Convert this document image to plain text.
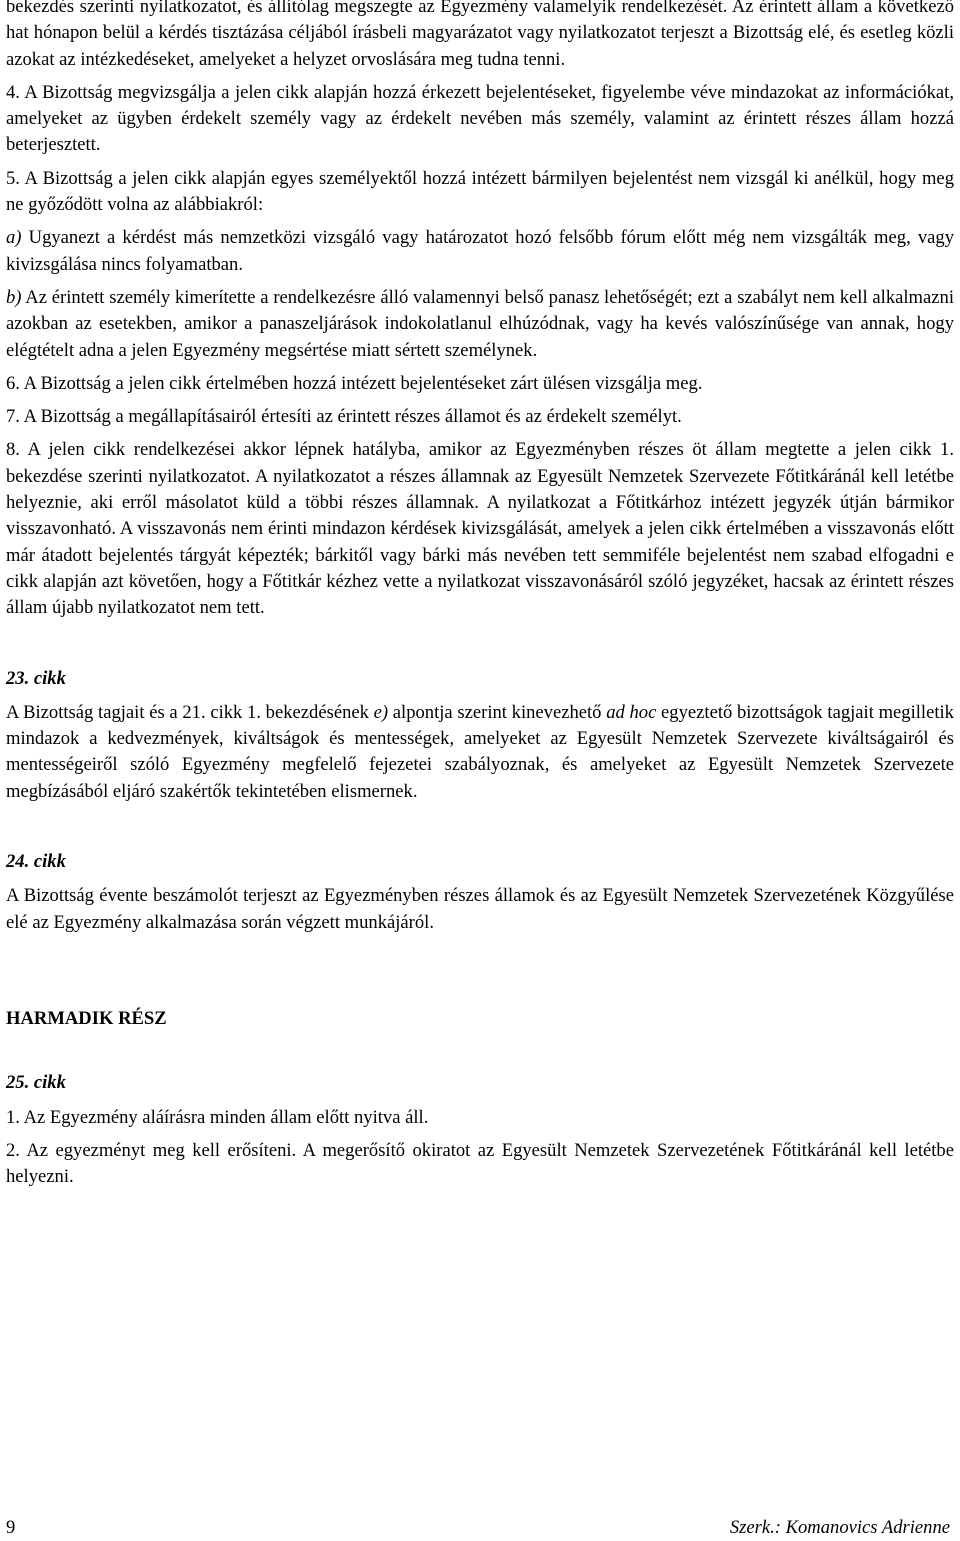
bekezdés szerinti nyilatkozatot, és állítólag megszegte az Egyezmény valamelyik rendelkezését. Az érintett állam a következő hat hónapon belül a kérdés tisztázása céljából írásbeli magyarázatot vagy nyilatkozatot terjeszt a Bizottság elé, és esetleg közli azokat az intézkedéseket, amelyeket a helyzet orvoslására meg tudna tenni.

4. A Bizottság megvizsgálja a jelen cikk alapján hozzá érkezett bejelentéseket, figyelembe véve mindazokat az információkat, amelyeket az ügyben érdekelt személy vagy az érdekelt nevében más személy, valamint az érintett részes állam hozzá beterjesztett.

5. A Bizottság a jelen cikk alapján egyes személyektől hozzá intézett bármilyen bejelentést nem vizsgál ki anélkül, hogy meg ne győződött volna az alábbiakról:

a) Ugyanezt a kérdést más nemzetközi vizsgáló vagy határozatot hozó felsőbb fórum előtt még nem vizsgálták meg, vagy kivizsgálása nincs folyamatban.

b) Az érintett személy kimerítette a rendelkezésre álló valamennyi belső panasz lehetőségét; ezt a szabályt nem kell alkalmazni azokban az esetekben, amikor a panaszeljárások indokolatlanul elhúzódnak, vagy ha kevés valószínűsége van annak, hogy elégtételt adna a jelen Egyezmény megsértése miatt sértett személynek.

6. A Bizottság a jelen cikk értelmében hozzá intézett bejelentéseket zárt ülésen vizsgálja meg.

7. A Bizottság a megállapításairól értesíti az érintett részes államot és az érdekelt személyt.

8. A jelen cikk rendelkezései akkor lépnek hatályba, amikor az Egyezményben részes öt állam megtette a jelen cikk 1. bekezdése szerinti nyilatkozatot. A nyilatkozatot a részes államnak az Egyesült Nemzetek Szervezete Főtitkáránál kell letétbe helyeznie, aki erről másolatot küld a többi részes államnak. A nyilatkozat a Főtitkárhoz intézett jegyzék útján bármikor visszavonható. A visszavonás nem érinti mindazon kérdések kivizsgálását, amelyek a jelen cikk értelmében a visszavonás előtt már átadott bejelentés tárgyát képezték; bárkitől vagy bárki más nevében tett semmiféle bejelentést nem szabad elfogadni e cikk alapján azt követően, hogy a Főtitkár kézhez vette a nyilatkozat visszavonásáról szóló jegyzéket, hacsak az érintett részes állam újabb nyilatkozatot nem tett.

23. cikk

A Bizottság tagjait és a 21. cikk 1. bekezdésének e) alpontja szerint kinevezhető ad hoc egyeztető bizottságok tagjait megilletik mindazok a kedvezmények, kiváltságok és mentességek, amelyeket az Egyesült Nemzetek Szervezete kiváltságairól és mentességeiről szóló Egyezmény megfelelő fejezetei szabályoznak, és amelyeket az Egyesült Nemzetek Szervezete megbízásából eljáró szakértők tekintetében elismernek.

24. cikk

A Bizottság évente beszámolót terjeszt az Egyezményben részes államok és az Egyesült Nemzetek Szervezetének Közgyűlése elé az Egyezmény alkalmazása során végzett munkájáról.

HARMADIK RÉSZ

25. cikk

1. Az Egyezmény aláírásra minden állam előtt nyitva áll.

2. Az egyezményt meg kell erősíteni. A megerősítő okiratot az Egyesült Nemzetek Szervezetének Főtitkáránál kell letétbe helyezni.

9	Szerk.: Komanovics Adrienne
